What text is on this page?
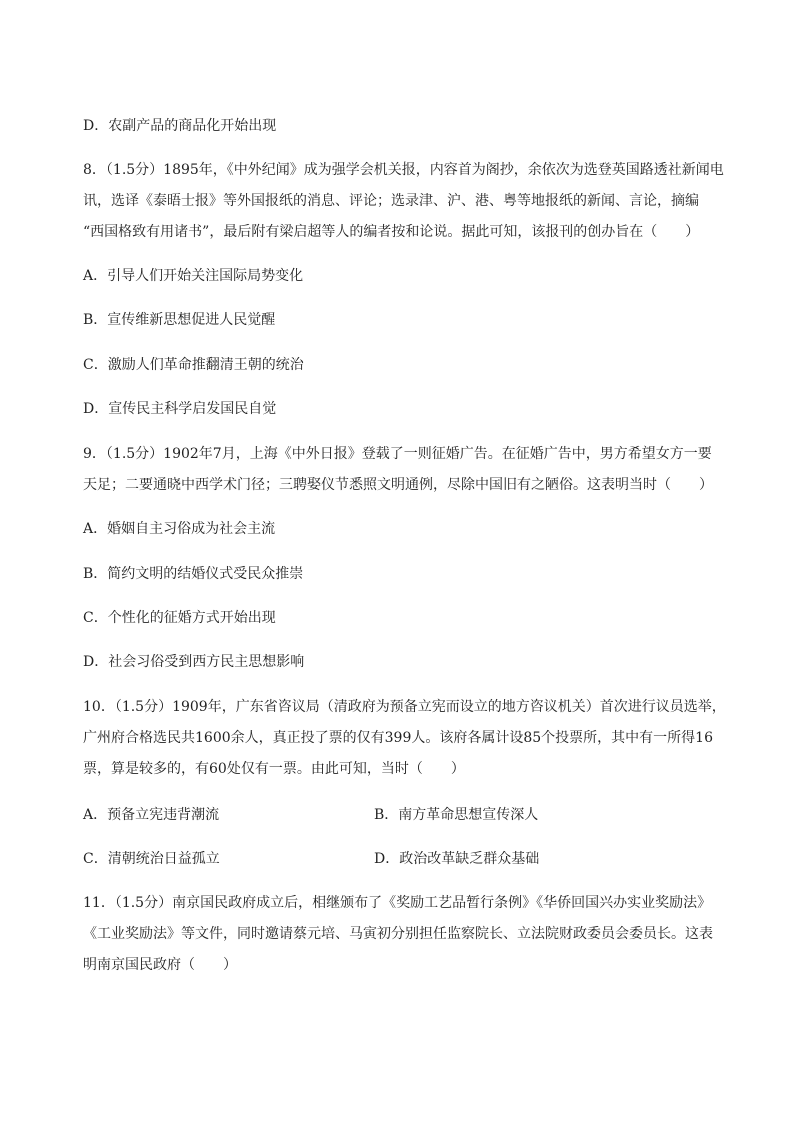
D．农副产品的商品化开始出现
8．（1.5分）1895年，《中外纪闻》成为强学会机关报，内容首为阁抄，余依次为选登英国路透社新闻电
讯，选译《泰晤士报》等外国报纸的消息、评论；选录津、沪、港、粤等地报纸的新闻、言论，摘编
“西国格致有用诸书”，最后附有梁启超等人的编者按和论说。据此可知，该报刊的创办旨在（　　）
A．引导人们开始关注国际局势变化
B．宣传维新思想促进人民觉醒
C．激励人们革命推翻清王朝的统治
D．宣传民主科学启发国民自觉
9．（1.5分）1902年7月，上海《中外日报》登载了一则征婚广告。在征婚广告中，男方希望女方一要
天足；二要通晓中西学术门径；三聘娶仪节悉照文明通例，尽除中国旧有之陋俗。这表明当时（　　）
A．婚姻自主习俗成为社会主流
B．简约文明的结婚仪式受民众推崇
C．个性化的征婚方式开始出现
D．社会习俗受到西方民主思想影响
10．（1.5分）1909年，广东省咨议局（清政府为预备立宪而设立的地方咨议机关）首次进行议员选举，
广州府合格选民共1600余人，真正投了票的仅有399人。该府各属计设85个投票所，其中有一所得16
票，算是较多的，有60处仅有一票。由此可知，当时（　　）
A．预备立宪违背潮流	B．南方革命思想宣传深人
C．清朝统治日益孤立	D．政治改革缺乏群众基础
11．（1.5分）南京国民政府成立后，相继颁布了《奖励工艺品暂行条例》《华侨回国兴办实业奖励法》
《工业奖励法》等文件，同时邀请蔡元培、马寅初分别担任监察院长、立法院财政委员会委员长。这表
明南京国民政府（　　）
